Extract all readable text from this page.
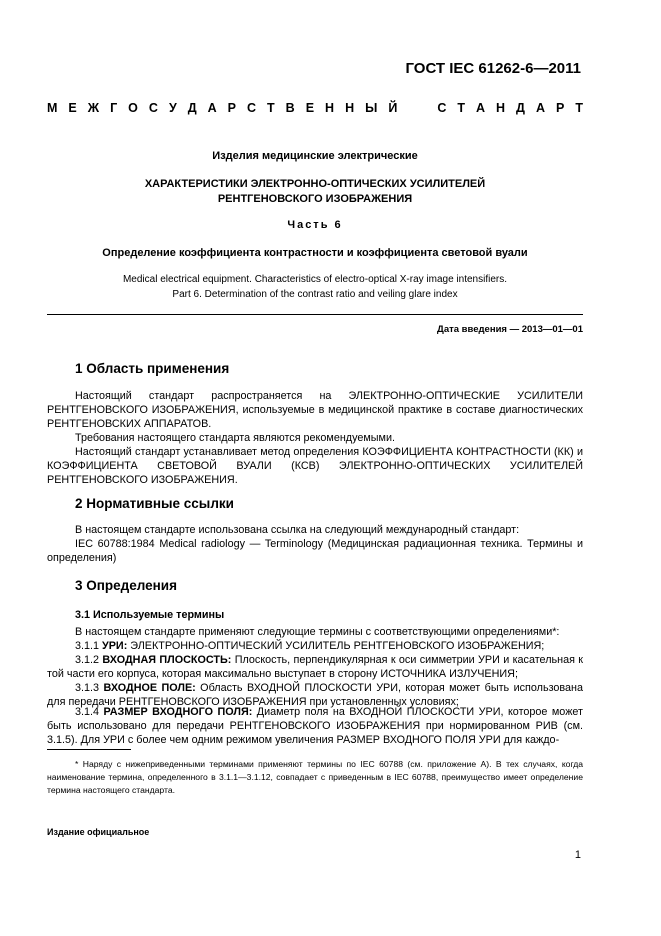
ГОСТ IEC 61262-6—2011
М Е Ж Г О С У Д А Р С Т В Е Н Н Ы Й

	С Т А Н Д А Р Т
Изделия медицинские электрические
ХАРАКТЕРИСТИКИ ЭЛЕКТРОННО-ОПТИЧЕСКИХ УСИЛИТЕЛЕЙ
РЕНТГЕНОВСКОГО ИЗОБРАЖЕНИЯ
Часть 6
Определение коэффициента контрастности и коэффициента световой вуали
Medical electrical equipment. Characteristics of electro-optical X-ray image intensifiers.
Part 6. Determination of the contrast ratio and veiling glare index
Дата введения — 2013—01—01
1 Область применения

Настоящий стандарт распространяется на ЭЛЕКТРОННО-ОПТИЧЕСКИЕ УСИЛИТЕЛИ РЕНТГЕНОВСКОГО ИЗОБРАЖЕНИЯ, используемые в медицинской практике в составе диагностических РЕНТГЕНОВСКИХ АППАРАТОВ.

Требования настоящего стандарта являются рекомендуемыми.

Настоящий стандарт устанавливает метод определения КОЭФФИЦИЕНТА КОНТРАСТНОСТИ (КК) и КОЭФФИЦИЕНТА СВЕТОВОЙ ВУАЛИ (КСВ) ЭЛЕКТРОННО-ОПТИЧЕСКИХ УСИЛИТЕЛЕЙ РЕНТГЕНОВСКОГО ИЗОБРАЖЕНИЯ.

2 Нормативные ссылки

В настоящем стандарте использована ссылка на следующий международный стандарт:

IEC 60788:1984 Medical radiology — Terminology (Медицинская радиационная техника. Термины и определения)

3 Определения
3.1 Используемые термины

В настоящем стандарте применяют следующие термины с соответствующими определениями*:

3.1.1 УРИ: ЭЛЕКТРОННО-ОПТИЧЕСКИЙ УСИЛИТЕЛЬ РЕНТГЕНОВСКОГО ИЗОБРАЖЕНИЯ;

3.1.2 ВХОДНАЯ ПЛОСКОСТЬ: Плоскость, перпендикулярная к оси симметрии УРИ и касательная к той части его корпуса, которая максимально выступает в сторону ИСТОЧНИКА ИЗЛУЧЕНИЯ;

3.1.3 ВХОДНОЕ ПОЛЕ: Область ВХОДНОЙ ПЛОСКОСТИ УРИ, которая может быть использована для передачи РЕНТГЕНОВСКОГО ИЗОБРАЖЕНИЯ при установленных условиях;

3.1.4 РАЗМЕР ВХОДНОГО ПОЛЯ: Диаметр поля на ВХОДНОЙ ПЛОСКОСТИ УРИ, которое может быть использовано для передачи РЕНТГЕНОВСКОГО ИЗОБРАЖЕНИЯ при нормированном РИВ (см. 3.1.5). Для УРИ с более чем одним режимом увеличения РАЗМЕР ВХОДНОГО ПОЛЯ УРИ для каждо-

* Наряду с нижеприведенными терминами применяют термины по IEC 60788 (см. приложение А). В тех случаях, когда наименование термина, определенного в 3.1.1—3.1.12, совпадает с приведенным в IEC 60788, преимущество имеет определение термина настоящего стандарта.

Издание официальное
1
